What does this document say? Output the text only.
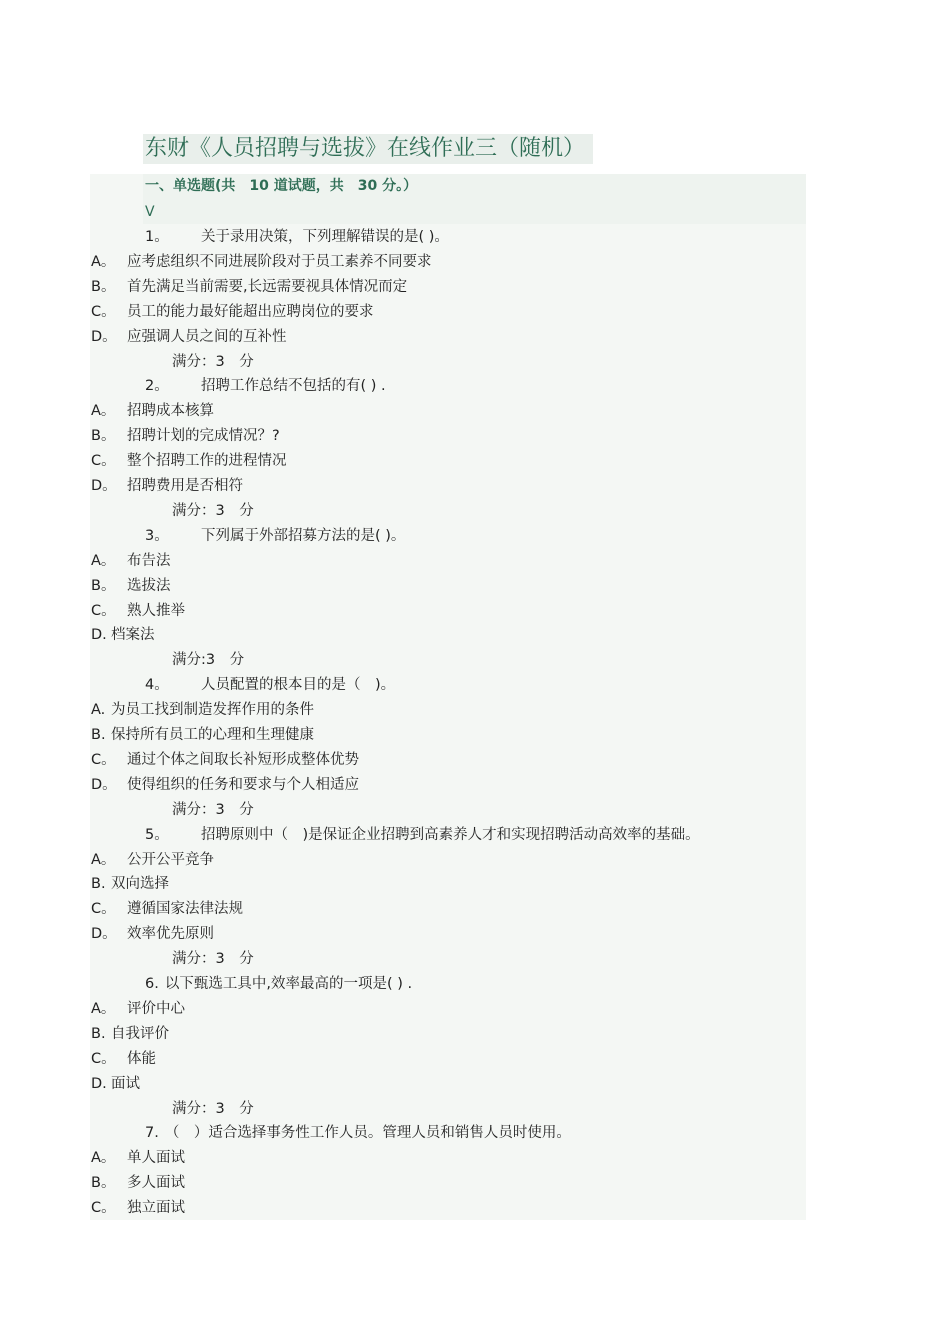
东财《人员招聘与选拔》在线作业三（随机）
一、单选题(共　10 道试题，共　30 分。）
V
1。 关于录用决策，下列理解错误的是( )。
A。 应考虑组织不同进展阶段对于员工素养不同要求
B。 首先满足当前需要,长远需要视具体情况而定
C。 员工的能力最好能超出应聘岗位的要求
D。 应强调人员之间的互补性
满分：3　分
2。 招聘工作总结不包括的有( ) .
A。 招聘成本核算
B。 招聘计划的完成情况？?
C。 整个招聘工作的进程情况
D。 招聘费用是否相符
满分：3　分
3。 下列属于外部招募方法的是( )。
A。 布告法
B。 选拔法
C。 熟人推举
D. 档案法
满分:3　分
4。 人员配置的根本目的是（　)。
A. 为员工找到制造发挥作用的条件
B. 保持所有员工的心理和生理健康
C。 通过个体之间取长补短形成整体优势
D。 使得组织的任务和要求与个人相适应
满分：3　分
5。 招聘原则中（　)是保证企业招聘到高素养人才和实现招聘活动高效率的基础。
A。 公开公平竞争
B. 双向选择
C。 遵循国家法律法规
D。 效率优先原则
满分：3　分
6. 以下甄选工具中,效率最高的一项是( ) .
A。 评价中心
B. 自我评价
C。 体能
D. 面试
满分：3　分
7. （　）适合选择事务性工作人员。管理人员和销售人员时使用。
A。 单人面试
B。 多人面试
C。 独立面试
